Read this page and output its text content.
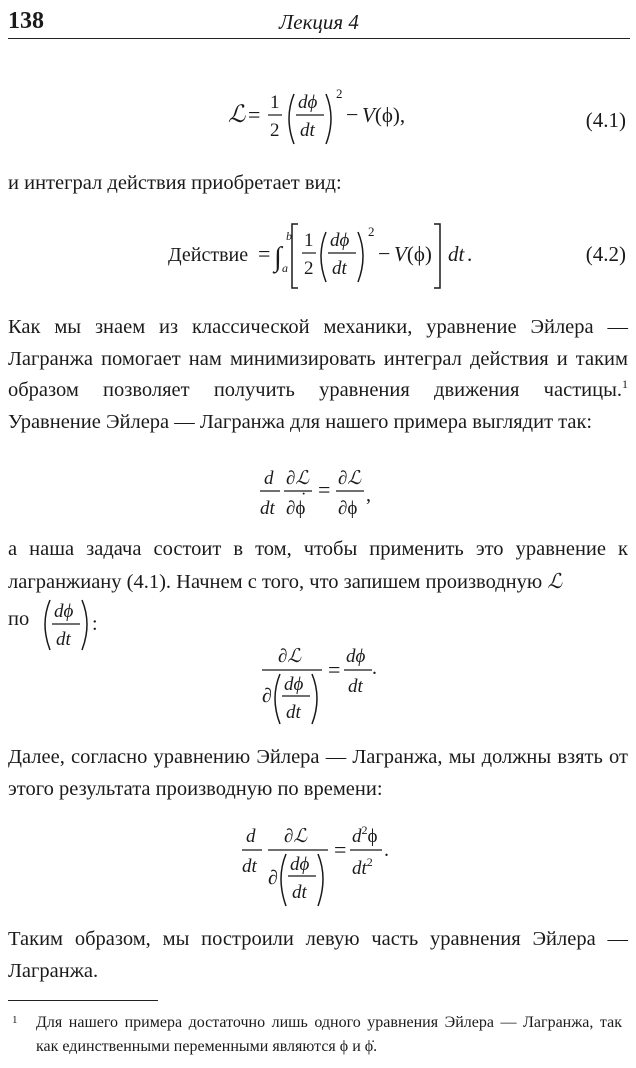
138	Лекция 4
ℒ = 1
2
dϕ
dt
2
− V(ϕ),	(4.1)

и интеграл действия приобретает вид:

Действие = ∫
b
a
1
2
dϕ
dt
2
− V(ϕ) dt .	(4.2)

Как мы знаем из классической механики, уравнение Эйлера — Лагранжа помогает нам минимизировать интеграл действия и таким образом позволяет получить уравнения движения частицы.$^1$ Уравнение Эйлера — Лагранжа для нашего примера выглядит так:

d
dt
∂ℒ
∂ϕ
· = ∂ℒ
∂ϕ
,

а наша задача состоит в том, чтобы применить это уравнение к лагранжиану (4.1). Начнем с того, что запишем производную ℒ

по dϕ
dt
:
∂ℒ
∂
dϕ
dt
=
dϕ
dt
.

Далее, согласно уравнению Эйлера — Лагранжа, мы должны взять от этого результата производную по времени:

d
dt
∂ℒ
∂
dϕ
dt
=
$d^2\phi$
$dt^2$
.

Таким образом, мы построили левую часть уравнения Эйлера — Лагранжа.

1	Для нашего примера достаточно лишь одного уравнения Эйлера — Лагранжа, так как единственными переменными являются ϕ и ϕ̇.
